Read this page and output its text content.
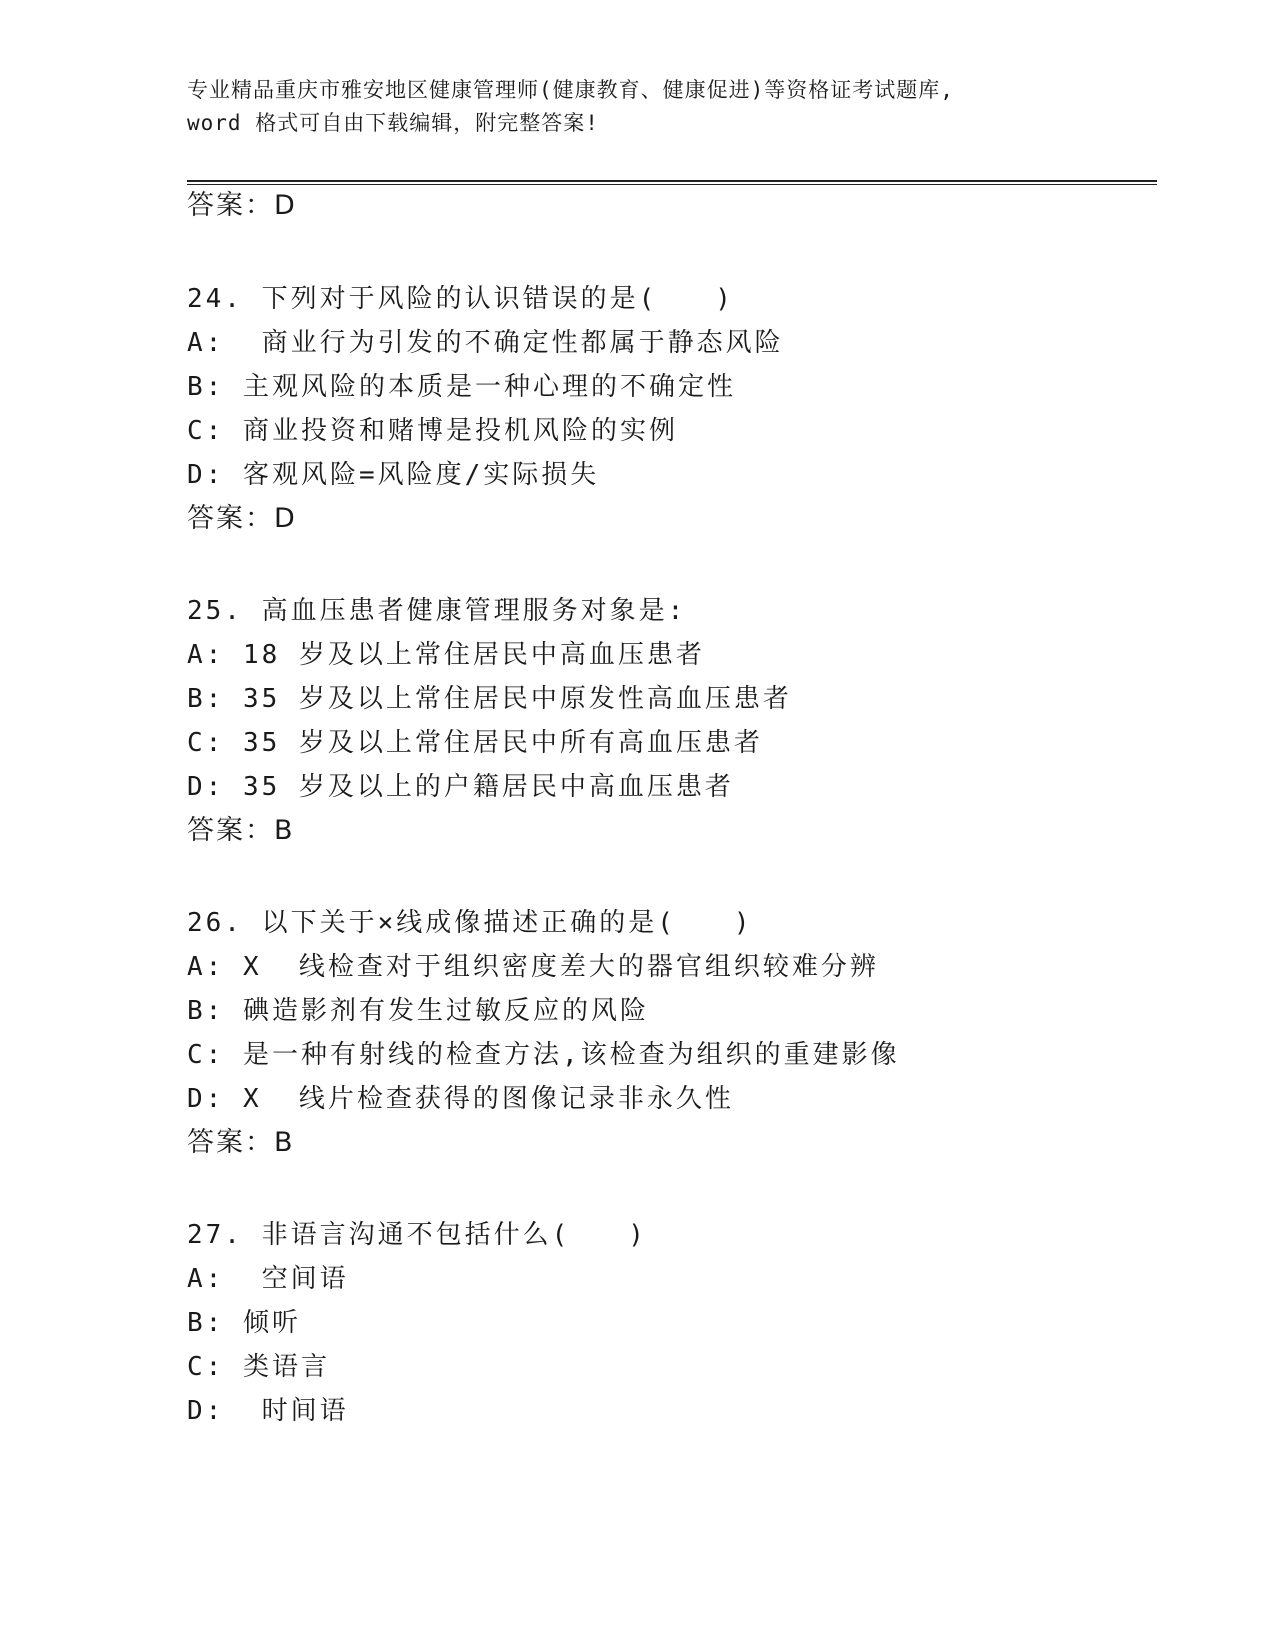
专业精品重庆市雅安地区健康管理师(健康教育、健康促进)等资格证考试题库,
word 格式可自由下载编辑，附完整答案!
答案：D
24. 下列对于风险的认识错误的是(　　)
A:  商业行为引发的不确定性都属于静态风险
B: 主观风险的本质是一种心理的不确定性
C: 商业投资和赌博是投机风险的实例
D: 客观风险=风险度/实际损失
答案：D
25. 高血压患者健康管理服务对象是:
A: 18 岁及以上常住居民中高血压患者
B: 35 岁及以上常住居民中原发性高血压患者
C: 35 岁及以上常住居民中所有高血压患者
D: 35 岁及以上的户籍居民中高血压患者
答案：B
26. 以下关于×线成像描述正确的是(　　)
A: X  线检查对于组织密度差大的器官组织较难分辨
B: 碘造影剂有发生过敏反应的风险
C: 是一种有射线的检查方法,该检查为组织的重建影像
D: X  线片检查获得的图像记录非永久性
答案：B
27. 非语言沟通不包括什么(　　)
A:  空间语
B: 倾听
C: 类语言
D:  时间语
